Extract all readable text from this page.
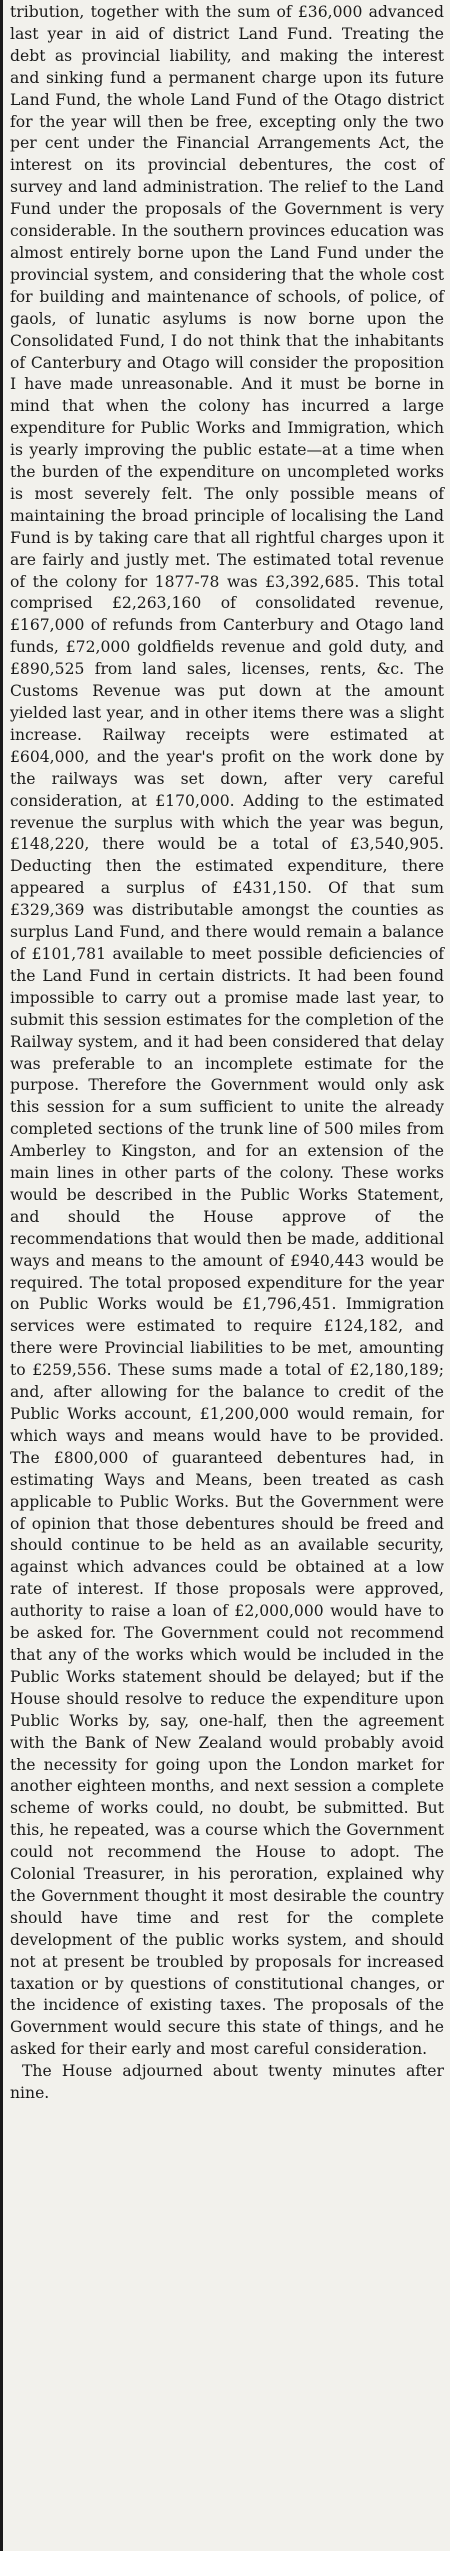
tribution, together with the sum of £36,000 advanced last year in aid of district Land Fund. Treating the debt as provincial liability, and making the interest and sinking fund a permanent charge upon its future Land Fund, the whole Land Fund of the Otago district for the year will then be free, excepting only the two per cent under the Financial Arrangements Act, the interest on its provincial debentures, the cost of survey and land administration. The relief to the Land Fund under the proposals of the Government is very considerable. In the southern provinces education was almost entirely borne upon the Land Fund under the provincial system, and considering that the whole cost for building and maintenance of schools, of police, of gaols, of lunatic asylums is now borne upon the Consolidated Fund, I do not think that the inhabitants of Canterbury and Otago will consider the proposition I have made unreasonable. And it must be borne in mind that when the colony has incurred a large expenditure for Public Works and Immigration, which is yearly improving the public estate—at a time when the burden of the expenditure on uncompleted works is most severely felt. The only possible means of maintaining the broad principle of localising the Land Fund is by taking care that all rightful charges upon it are fairly and justly met. The estimated total revenue of the colony for 1877-78 was £3,392,685. This total comprised £2,263,160 of consolidated revenue, £167,000 of refunds from Canterbury and Otago land funds, £72,000 goldfields revenue and gold duty, and £890,525 from land sales, licenses, rents, &c. The Customs Revenue was put down at the amount yielded last year, and in other items there was a slight increase. Railway receipts were estimated at £604,000, and the year's profit on the work done by the railways was set down, after very careful consideration, at £170,000. Adding to the estimated revenue the surplus with which the year was begun, £148,220, there would be a total of £3,540,905. Deducting then the estimated expenditure, there appeared a surplus of £431,150. Of that sum £329,369 was distributable amongst the counties as surplus Land Fund, and there would remain a balance of £101,781 available to meet possible deficiencies of the Land Fund in certain districts. It had been found impossible to carry out a promise made last year, to submit this session estimates for the completion of the Railway system, and it had been considered that delay was preferable to an incomplete estimate for the purpose. Therefore the Government would only ask this session for a sum sufficient to unite the already completed sections of the trunk line of 500 miles from Amberley to Kingston, and for an extension of the main lines in other parts of the colony. These works would be described in the Public Works Statement, and should the House approve of the recommendations that would then be made, additional ways and means to the amount of £940,443 would be required. The total proposed expenditure for the year on Public Works would be £1,796,451. Immigration services were estimated to require £124,182, and there were Provincial liabilities to be met, amounting to £259,556. These sums made a total of £2,180,189; and, after allowing for the balance to credit of the Public Works account, £1,200,000 would remain, for which ways and means would have to be provided. The £800,000 of guaranteed debentures had, in estimating Ways and Means, been treated as cash applicable to Public Works. But the Government were of opinion that those debentures should be freed and should continue to be held as an available security, against which advances could be obtained at a low rate of interest. If those proposals were approved, authority to raise a loan of £2,000,000 would have to be asked for. The Government could not recommend that any of the works which would be included in the Public Works statement should be delayed; but if the House should resolve to reduce the expenditure upon Public Works by, say, one-half, then the agreement with the Bank of New Zealand would probably avoid the necessity for going upon the London market for another eighteen months, and next session a complete scheme of works could, no doubt, be submitted. But this, he repeated, was a course which the Government could not recommend the House to adopt. The Colonial Treasurer, in his peroration, explained why the Government thought it most desirable the country should have time and rest for the complete development of the public works system, and should not at present be troubled by proposals for increased taxation or by questions of constitutional changes, or the incidence of existing taxes. The proposals of the Government would secure this state of things, and he asked for their early and most careful consideration.

The House adjourned about twenty minutes after nine.
